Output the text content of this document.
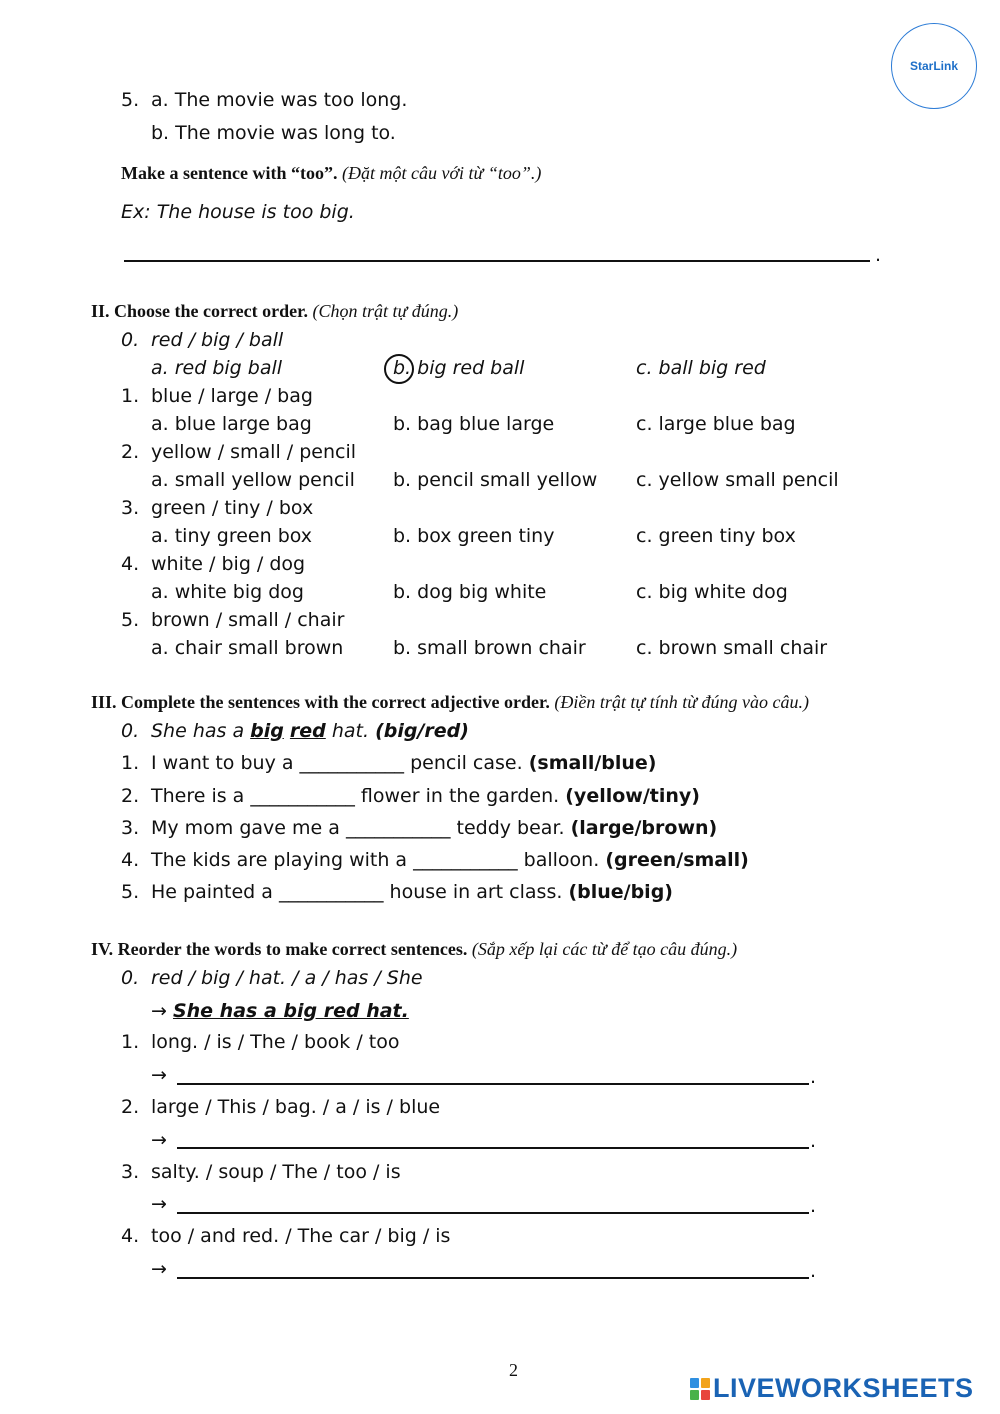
StarLink
5. a. The movie was too long.
b. The movie was long to.
Make a sentence with “too”. (Đặt một câu với từ “too”.)
Ex: The house is too big.
.
II. Choose the correct order. (Chọn trật tự đúng.)
0. red / big / ball
a. red big ball	b. big red ball	c. ball big red
1. blue / large / bag
a. blue large bag	b. bag blue large	c. large blue bag
2. yellow / small / pencil
a. small yellow pencil b. pencil small yellow c. yellow small pencil
3. green / tiny / box
a. tiny green box	b. box green tiny	c. green tiny box
4. white / big / dog
a. white big dog	b. dog big white	c. big white dog
5. brown / small / chair
a. chair small brown	b. small brown chair	c. brown small chair
III. Complete the sentences with the correct adjective order. (Điền trật tự tính từ đúng vào câu.)
0. She has a big red hat. (big/red)
1. I want to buy a ___________ pencil case. (small/blue)
2. There is a ___________ flower in the garden. (yellow/tiny)
3. My mom gave me a ___________ teddy bear. (large/brown)
4. The kids are playing with a ___________ balloon. (green/small)
5. He painted a ___________ house in art class. (blue/big)
IV. Reorder the words to make correct sentences. (Sắp xếp lại các từ để tạo câu đúng.)
0. red / big / hat. / a / has / She
→ She has a big red hat.
1. long. / is / The / book / too
→	.
2. large / This / bag. / a / is / blue
→	.
3. salty. / soup / The / too / is
→	.
4. too / and red. / The car / big / is
→	.
2
LIVEWORKSHEETS
